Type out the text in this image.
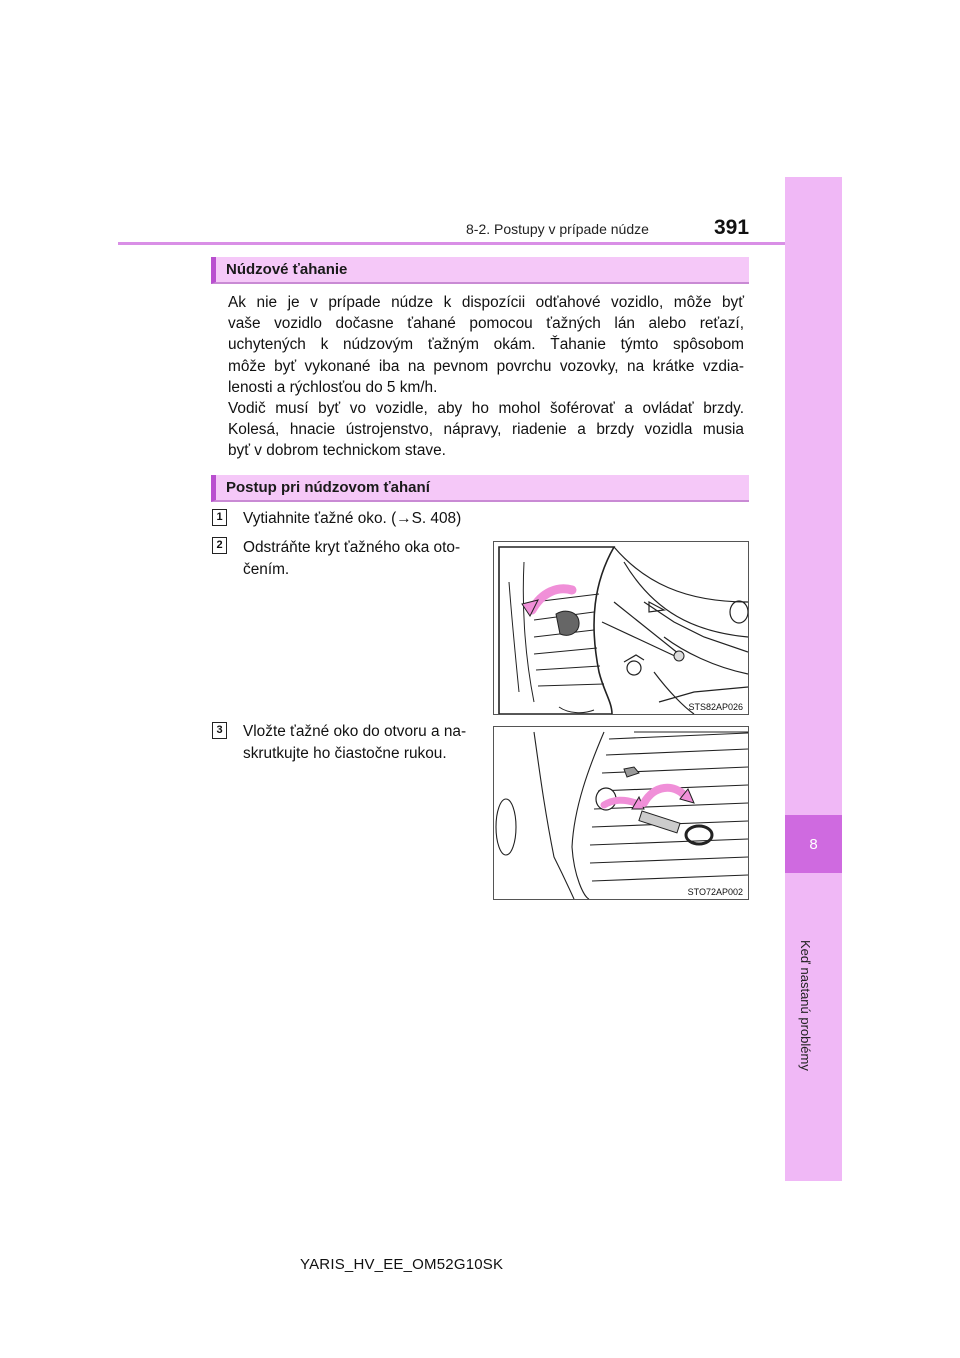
8
Keď nastanú problémy
8-2. Postupy v prípade núdze	391
Núdzové ťahanie
Ak nie je v prípade núdze k dispozícii odťahové vozidlo, môže byť
vaše vozidlo dočasne ťahané pomocou ťažných lán alebo reťazí,
uchytených k núdzovým ťažným okám. Ťahanie týmto spôsobom
môže byť vykonané iba na pevnom povrchu vozovky, na krátke vzdia-
lenosti a rýchlosťou do 5 km/h.
Vodič musí byť vo vozidle, aby ho mohol šoférovať a ovládať brzdy.
Kolesá, hnacie ústrojenstvo, nápravy, riadenie a brzdy vozidla musia
byť v dobrom technickom stave.
Postup pri núdzovom ťahaní
1 Vytiahnite ťažné oko. (→S. 408)
2 Odstráňte kryt ťažného oka oto-
čením.
STS82AP026
3 Vložte ťažné oko do otvoru a na-
skrutkujte ho čiastočne rukou.
STO72AP002
YARIS_HV_EE_OM52G10SK
